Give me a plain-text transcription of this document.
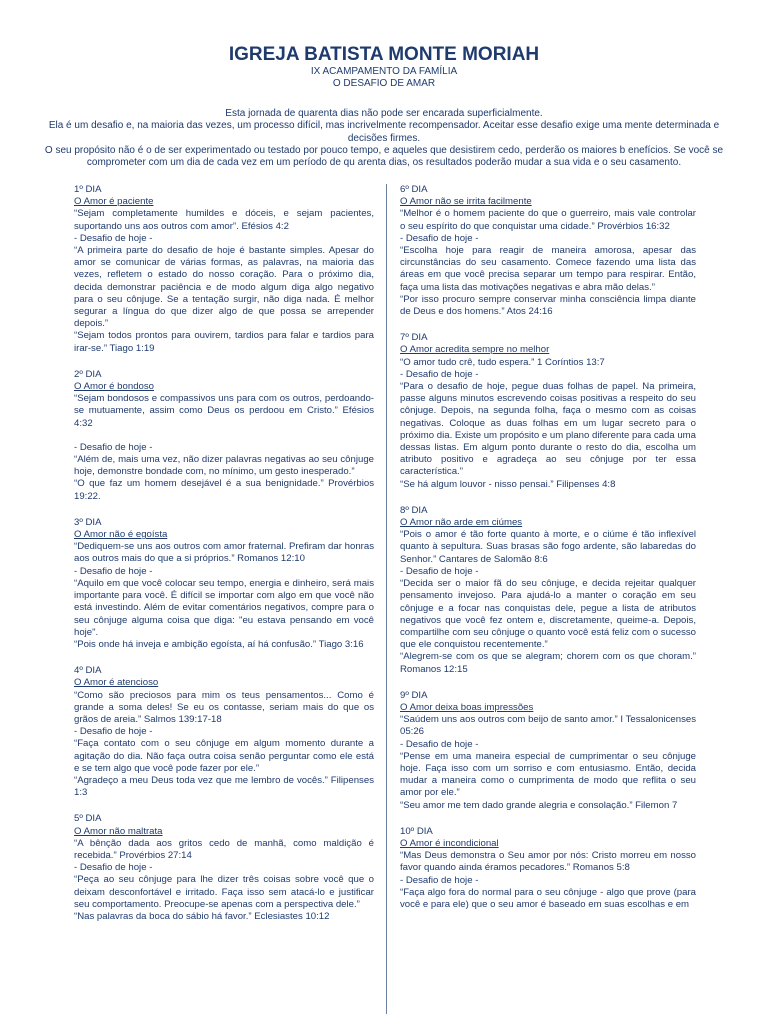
IGREJA BATISTA MONTE MORIAH

IX ACAMPAMENTO DA FAMÍLIA

O DESAFIO DE AMAR

Esta jornada de quarenta dias não pode ser encarada superficialmente.

Ela é um desafio e, na maioria das vezes, um processo difícil, mas incrivelmente recompensador. Aceitar esse desafio exige uma mente determinada e decisões firmes.

O seu propósito não é o de ser experimentado ou testado por pouco tempo, e aqueles que desistirem cedo, perderão os maiores b enefícios. Se você se comprometer com um dia de cada vez em um período de qu arenta dias, os resultados poderão mudar a sua vida e o seu casamento.

1º DIA

O Amor é paciente

“Sejam completamente humildes e dóceis, e sejam pacientes, suportando uns aos outros com amor”. Efésios 4:2

- Desafio de hoje -

“A primeira parte do desafio de hoje é bastante simples. Apesar do amor se comunicar de várias formas, as palavras, na maioria das vezes, refletem o estado do nosso coração. Para o próximo dia, decida demonstrar paciência e de modo algum diga algo negativo para o seu cônjuge. Se a tentação surgir, não diga nada. É melhor segurar a língua do que dizer algo de que possa se arrepender depois.”

“Sejam todos prontos para ouvirem, tardios para falar e tardios para irar-se.” Tiago 1:19

2º DIA

O Amor é bondoso

“Sejam bondosos e compassivos uns para com os outros, perdoando-se mutuamente, assim como Deus os perdoou em Cristo.” Efésios 4:32

- Desafio de hoje -

“Além de, mais uma vez, não dizer palavras negativas ao seu cônjuge hoje, demonstre bondade com, no mínimo, um gesto inesperado.”

“O que faz um homem desejável é a sua benignidade.” Provérbios 19:22.

3º DIA

O Amor não é egoísta

“Dediquem-se uns aos outros com amor fraternal. Prefiram dar honras aos outros mais do que a si próprios.” Romanos 12:10

- Desafio de hoje -

“Aquilo em que você colocar seu tempo, energia e dinheiro, será mais importante para você. É difícil se importar com algo em que você não está investindo. Além de evitar comentários negativos, compre para o seu cônjuge alguma coisa que diga: "eu estava pensando em você hoje".

“Pois onde há inveja e ambição egoísta, aí há confusão.” Tiago 3:16

4º DIA

O Amor é atencioso

“Como são preciosos para mim os teus pensamentos... Como é grande a soma deles! Se eu os contasse, seriam mais do que os grãos de areia.” Salmos 139:17-18

- Desafio de hoje -

“Faça contato com o seu cônjuge em algum momento durante a agitação do dia. Não faça outra coisa senão perguntar como ele está e se tem algo que você pode fazer por ele.”

“Agradeço a meu Deus toda vez que me lembro de vocês.” Filipenses 1:3

5º DIA

O Amor não maltrata

“A bênção dada aos gritos cedo de manhã, como maldição é recebida.” Provérbios 27:14

- Desafio de hoje -

“Peça ao seu cônjuge para lhe dizer três coisas sobre você que o deixam desconfortável e irritado. Faça isso sem atacá-lo e justificar seu comportamento. Preocupe-se apenas com a perspectiva dele.”

“Nas palavras da boca do sábio há favor.” Eclesiastes 10:12

6º DIA

O Amor não se irrita facilmente

“Melhor é o homem paciente do que o guerreiro, mais vale controlar o seu espírito do que conquistar uma cidade.” Provérbios 16:32

- Desafio de hoje -

“Escolha hoje para reagir de maneira amorosa, apesar das circunstâncias do seu casamento. Comece fazendo uma lista das áreas em que você precisa separar um tempo para respirar. Então, faça uma lista das motivações negativas e abra mão delas.”

“Por isso procuro sempre conservar minha consciência limpa diante de Deus e dos homens.” Atos 24:16

7º DIA

O Amor acredita sempre no melhor

“O amor tudo crê, tudo espera.” 1 Coríntios 13:7

- Desafio de hoje -

“Para o desafio de hoje, pegue duas folhas de papel. Na primeira, passe alguns minutos escrevendo coisas positivas a respeito do seu cônjuge. Depois, na segunda folha, faça o mesmo com as coisas negativas. Coloque as duas folhas em um lugar secreto para o próximo dia. Existe um propósito e um plano diferente para cada uma dessas listas. Em algum ponto durante o resto do dia, escolha um atributo positivo e agradeça ao seu cônjuge por ter essa característica.”

“Se há algum louvor - nisso pensai.” Filipenses 4:8

8º DIA

O Amor não arde em ciúmes

“Pois o amor é tão forte quanto à morte, e o ciúme é tão inflexível quanto à sepultura. Suas brasas são fogo ardente, são labaredas do Senhor.” Cantares de Salomão 8:6

- Desafio de hoje -

“Decida ser o maior fã do seu cônjuge, e decida rejeitar qualquer pensamento invejoso. Para ajudá-lo a manter o coração em seu cônjuge e a focar nas conquistas dele, pegue a lista de atributos negativos que você fez ontem e, discretamente, queime-a. Depois, compartilhe com seu cônjuge o quanto você está feliz com o sucesso que ele conquistou recentemente.”

“Alegrem-se com os que se alegram; chorem com os que choram.” Romanos 12:15

9º DIA

O Amor deixa boas impressões

“Saúdem uns aos outros com beijo de santo amor.” I Tessalonicenses 05:26

- Desafio de hoje -

“Pense em uma maneira especial de cumprimentar o seu cônjuge hoje. Faça isso com um sorriso e com entusiasmo. Então, decida mudar a maneira como o cumprimenta de modo que reflita o seu amor por ele.”

“Seu amor me tem dado grande alegria e consolação.” Filemon 7

10º DIA

O Amor é incondicional

“Mas Deus demonstra o Seu amor por nós: Cristo morreu em nosso favor quando ainda éramos pecadores.” Romanos 5:8

- Desafio de hoje -

“Faça algo fora do normal para o seu cônjuge - algo que prove (para você e para ele) que o seu amor é baseado em suas escolhas e em
